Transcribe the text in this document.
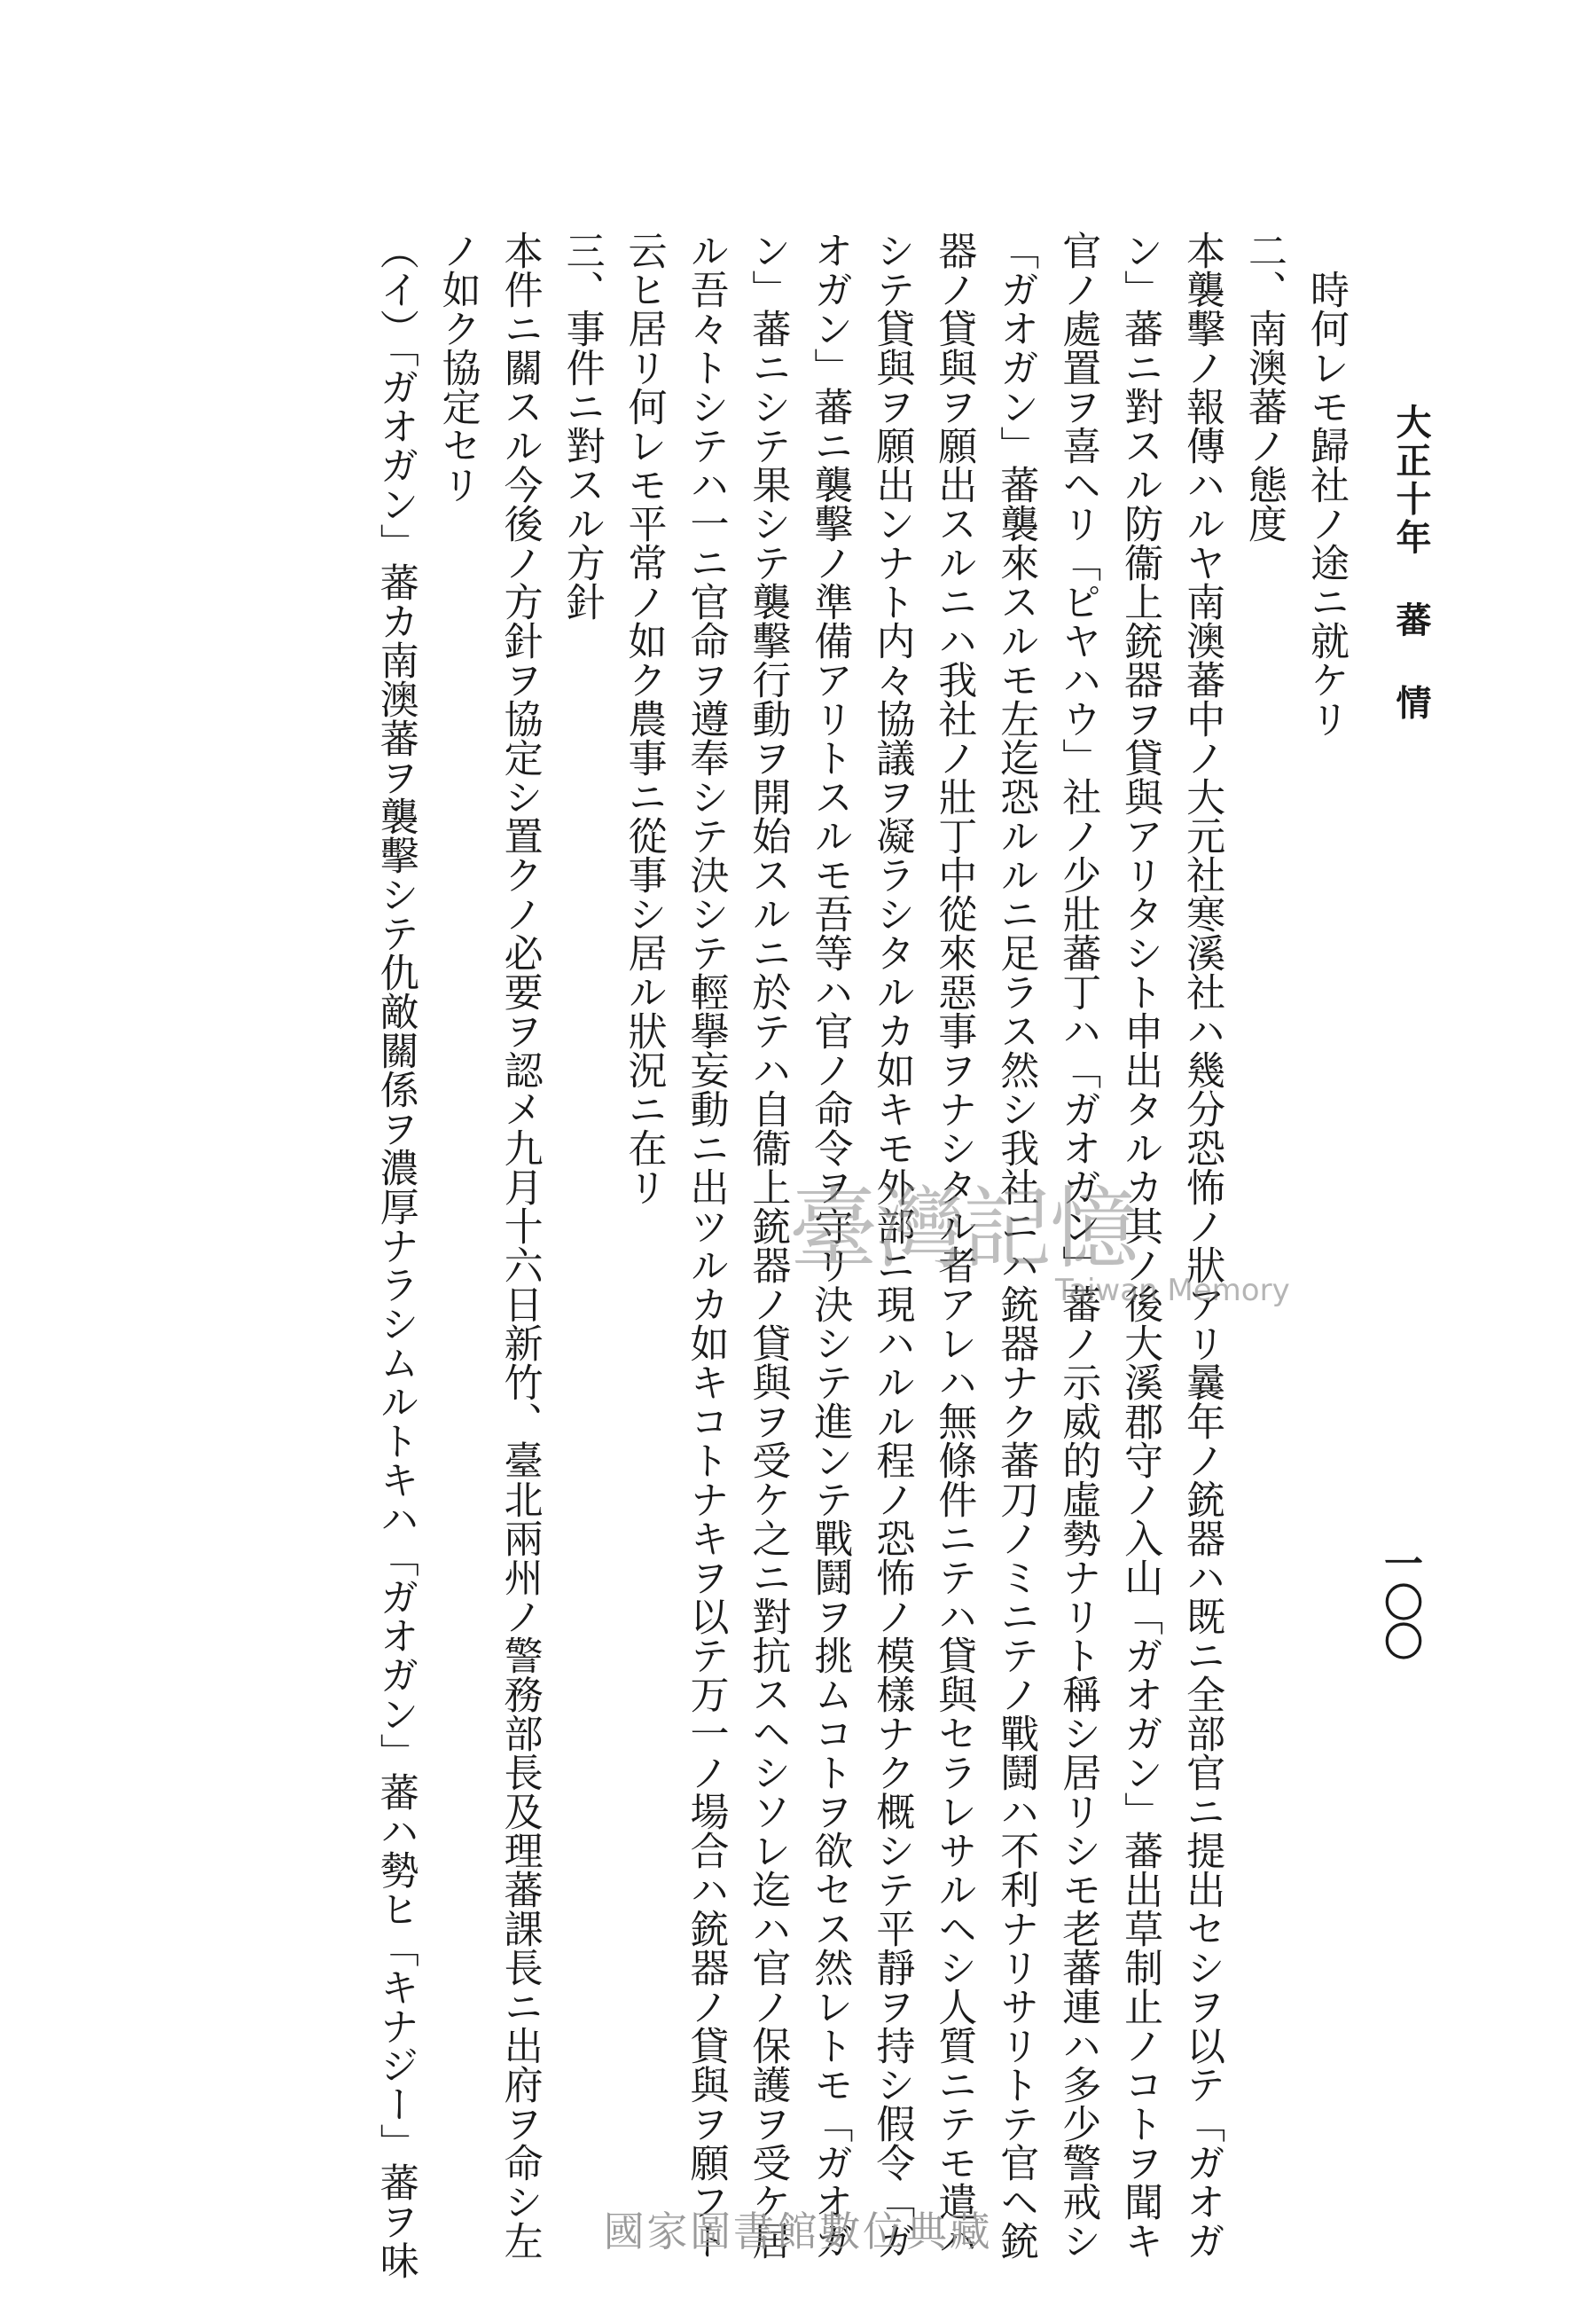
大正十年 蕃 情
一〇〇
時何レモ歸社ノ途ニ就ケリ
二、南澳蕃ノ態度
本襲擊ノ報傳ハルヤ南澳蕃中ノ大元社寒溪社ハ幾分恐怖ノ狀アリ曩年ノ銃器ハ既ニ全部官ニ提出セシヲ以テ「ガオガ
ン」蕃ニ對スル防衞上銃器ヲ貸與アリタシト申出タルカ其ノ後大溪郡守ノ入山「ガオガン」蕃出草制止ノコトヲ聞キ
官ノ處置ヲ喜ヘリ「ピヤハウ」社ノ少壯蕃丁ハ「ガオガン」蕃ノ示威的虛勢ナリト稱シ居リシモ老蕃連ハ多少警戒シ
「ガオガン」蕃襲來スルモ左迄恐ルルニ足ラス然シ我社ニハ銃器ナク蕃刀ノミニテノ戰鬪ハ不利ナリサリトテ官ヘ銃
器ノ貸與ヲ願出スルニハ我社ノ壯丁中從來惡事ヲナシタル者アレハ無條件ニテハ貸與セラレサルヘシ人質ニテモ遣ハ
シテ貸與ヲ願出ンナト内々協議ヲ凝ラシタルカ如キモ外部ニ現ハルル程ノ恐怖ノ模樣ナク概シテ平靜ヲ持シ假令「ガ
オガン」蕃ニ襲擊ノ準備アリトスルモ吾等ハ官ノ命令ヲ守リ決シテ進ンテ戰鬪ヲ挑ムコトヲ欲セス然レトモ「ガオガ
ン」蕃ニシテ果シテ襲擊行動ヲ開始スルニ於テハ自衞上銃器ノ貸與ヲ受ケ之ニ對抗スヘシソレ迄ハ官ノ保護ヲ受ケ居
ル吾々トシテハ一ニ官命ヲ遵奉シテ決シテ輕擧妄動ニ出ツルカ如キコトナキヲ以テ万一ノ場合ハ銃器ノ貸與ヲ願フト
云ヒ居リ何レモ平常ノ如ク農事ニ從事シ居ル狀況ニ在リ
三、事件ニ對スル方針
本件ニ關スル今後ノ方針ヲ協定シ置クノ必要ヲ認メ九月十六日新竹、臺北兩州ノ警務部長及理蕃課長ニ出府ヲ命シ左
ノ如ク協定セリ
（イ）「ガオガン」蕃カ南澳蕃ヲ襲擊シテ仇敵關係ヲ濃厚ナラシムルトキハ「ガオガン」蕃ハ勢ヒ「キナジー」蕃ヲ味	臺灣記憶
Taiwan Memory
國家圖書館數位典藏
